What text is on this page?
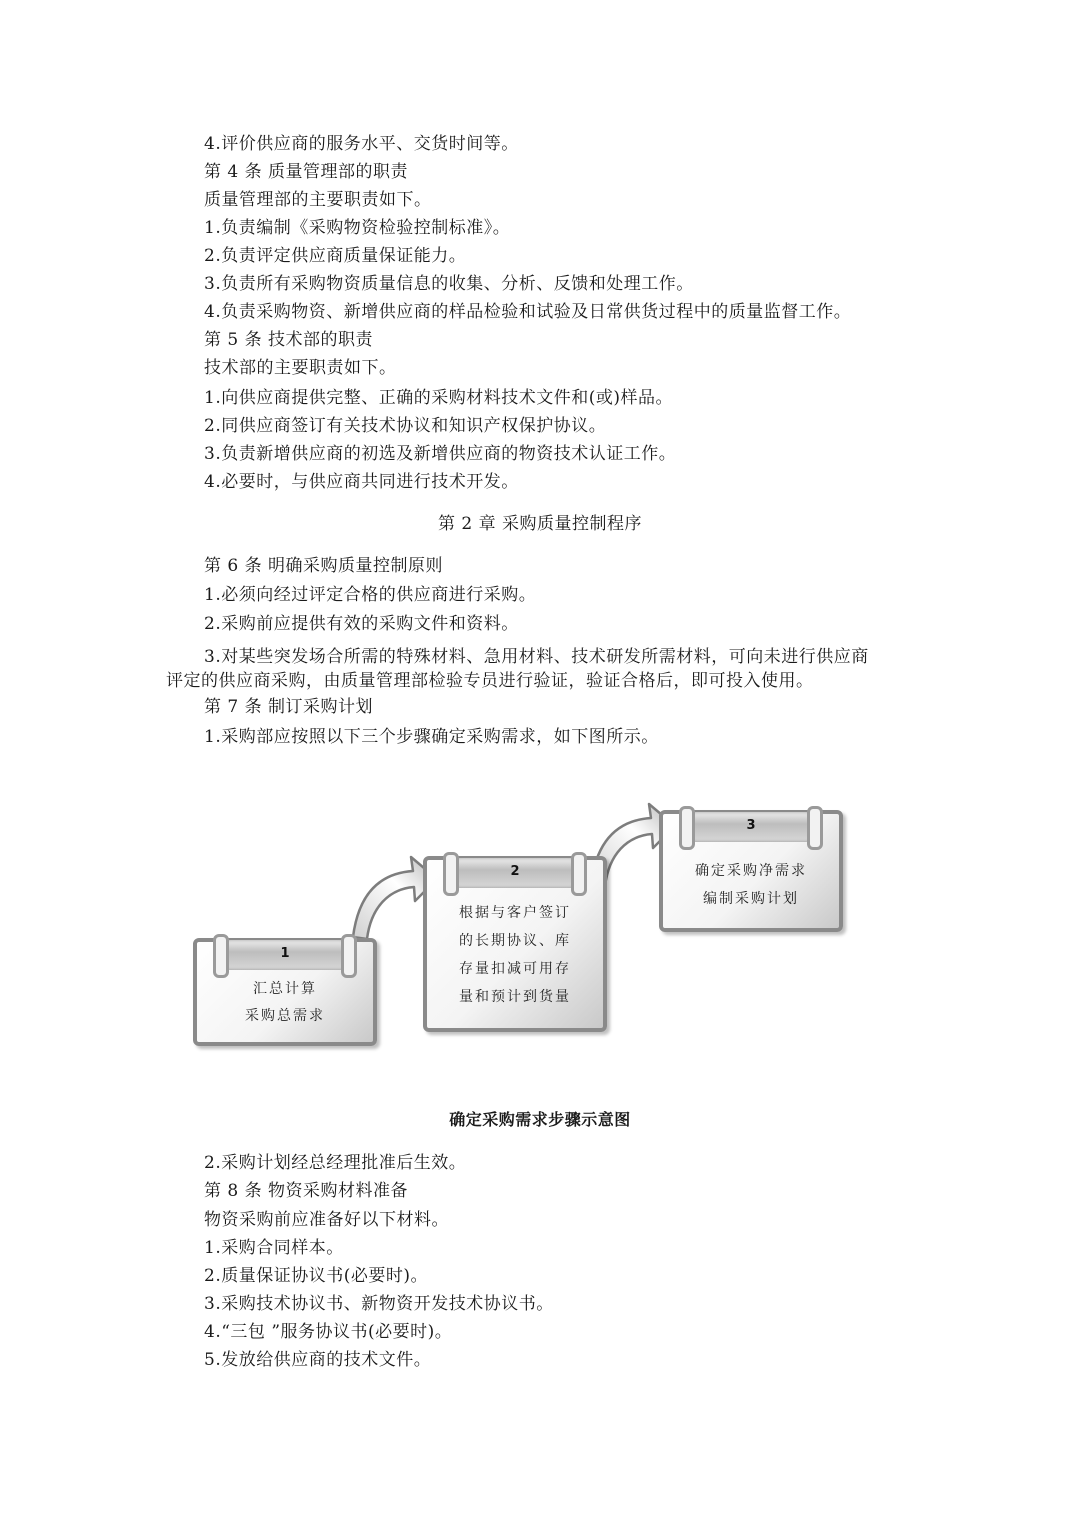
4.评价供应商的服务水平、交货时间等。
第 4 条 质量管理部的职责
质量管理部的主要职责如下。
1.负责编制《采购物资检验控制标准》。
2.负责评定供应商质量保证能力。
3.负责所有采购物资质量信息的收集、分析、反馈和处理工作。
4.负责采购物资、新增供应商的样品检验和试验及日常供货过程中的质量监督工作。
第 5 条 技术部的职责
技术部的主要职责如下。
1.向供应商提供完整、正确的采购材料技术文件和(或)样品。
2.同供应商签订有关技术协议和知识产权保护协议。
3.负责新增供应商的初选及新增供应商的物资技术认证工作。
4.必要时，与供应商共同进行技术开发。
第 2 章 采购质量控制程序
第 6 条 明确采购质量控制原则
1.必须向经过评定合格的供应商进行采购。
2.采购前应提供有效的采购文件和资料。
3.对某些突发场合所需的特殊材料、急用材料、技术研发所需材料，可向未进行供应商
评定的供应商采购，由质量管理部检验专员进行验证，验证合格后，即可投入使用。
第 7 条 制订采购计划
1.采购部应按照以下三个步骤确定采购需求，如下图所示。
1
汇总计算
采购总需求
2
根据与客户签订
的长期协议、库
存量扣减可用存
量和预计到货量
3
确定采购净需求
编制采购计划
确定采购需求步骤示意图
2.采购计划经总经理批准后生效。
第 8 条 物资采购材料准备
物资采购前应准备好以下材料。
1.采购合同样本。
2.质量保证协议书(必要时)。
3.采购技术协议书、新物资开发技术协议书。
4.“三包 ”服务协议书(必要时)。
5.发放给供应商的技术文件。
